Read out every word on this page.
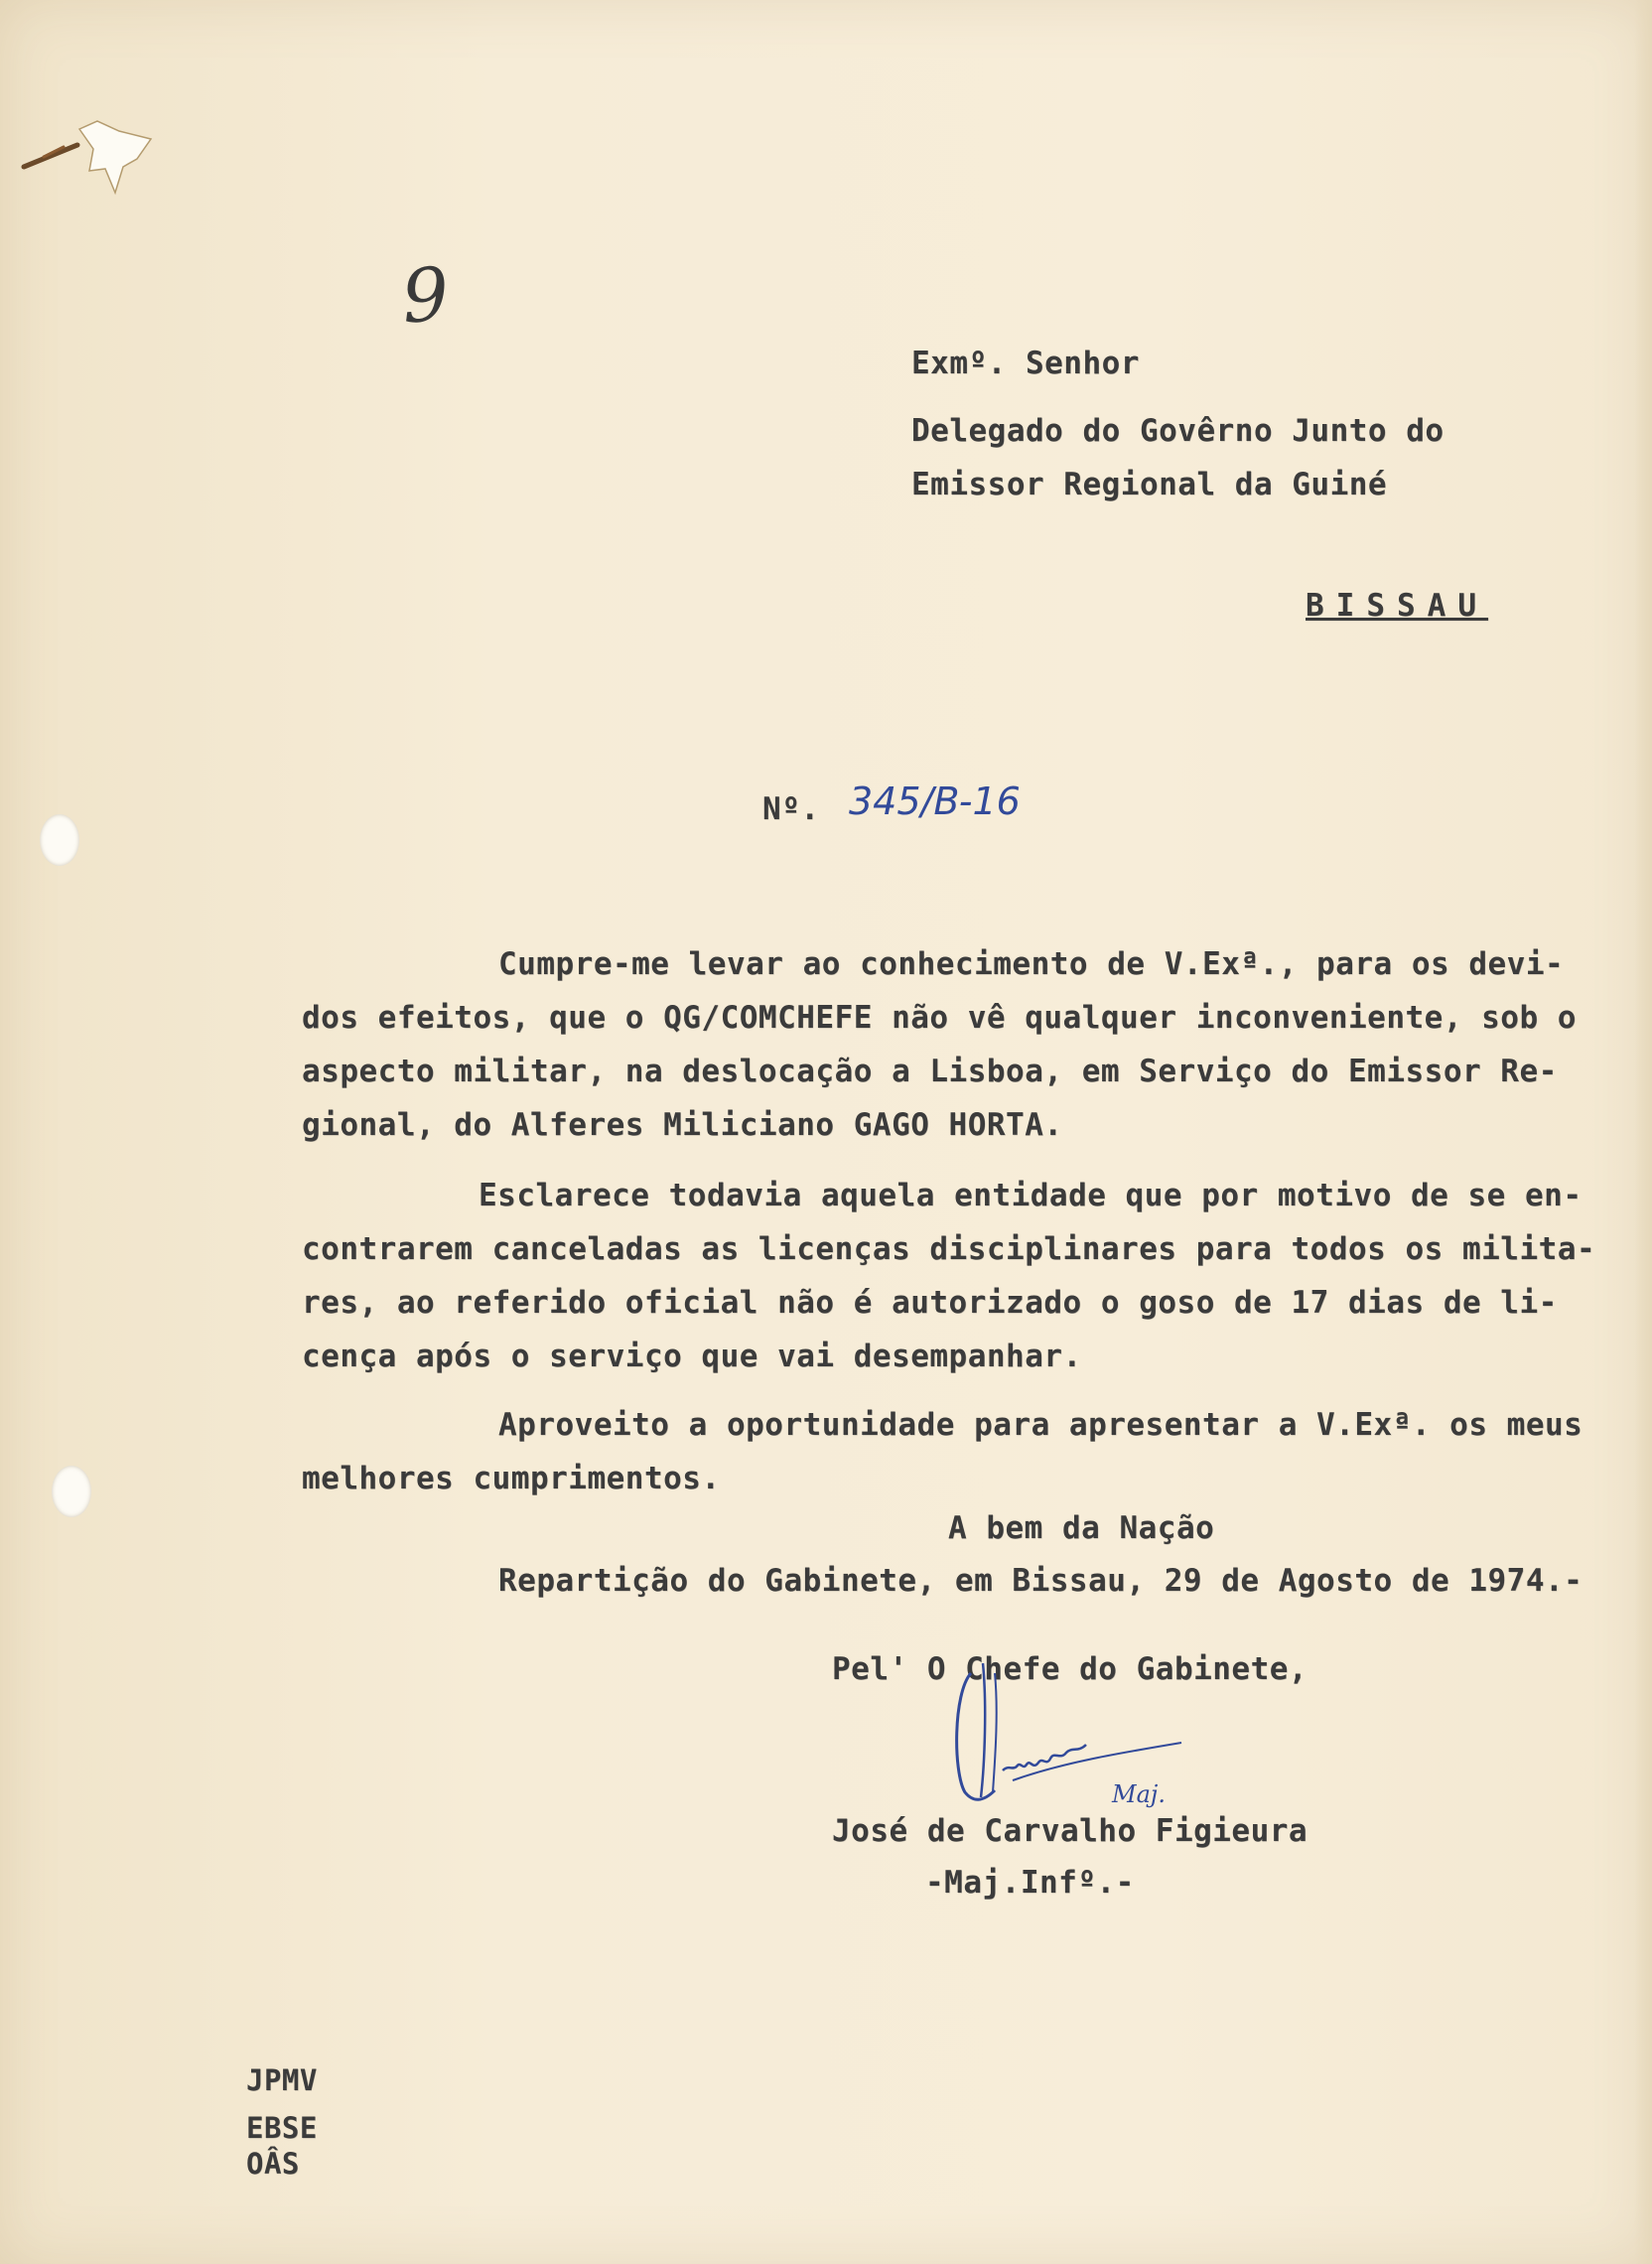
9
Exmº. Senhor
Delegado do Govêrno Junto do
Emissor Regional da Guiné
BISSAU
Nº. 345/B-16
Cumpre-me levar ao conhecimento de V.Exª., para os devi-
dos efeitos, que o QG/COMCHEFE não vê qualquer inconveniente, sob o
aspecto militar, na deslocação a Lisboa, em Serviço do Emissor Re-
gional, do Alferes Miliciano GAGO HORTA.
Esclarece todavia aquela entidade que por motivo de se en-
contrarem canceladas as licenças disciplinares para todos os milita-
res, ao referido oficial não é autorizado o goso de 17 dias de li-
cença após o serviço que vai desempanhar.
Aproveito a oportunidade para apresentar a V.Exª. os meus
melhores cumprimentos.
A bem da Nação
Repartição do Gabinete, em Bissau, 29 de Agosto de 1974.-
Pel' O Chefe do Gabinete,
Maj.
José de Carvalho Figieura
-Maj.Infº.-
JPMV
EBSE
OÂS
